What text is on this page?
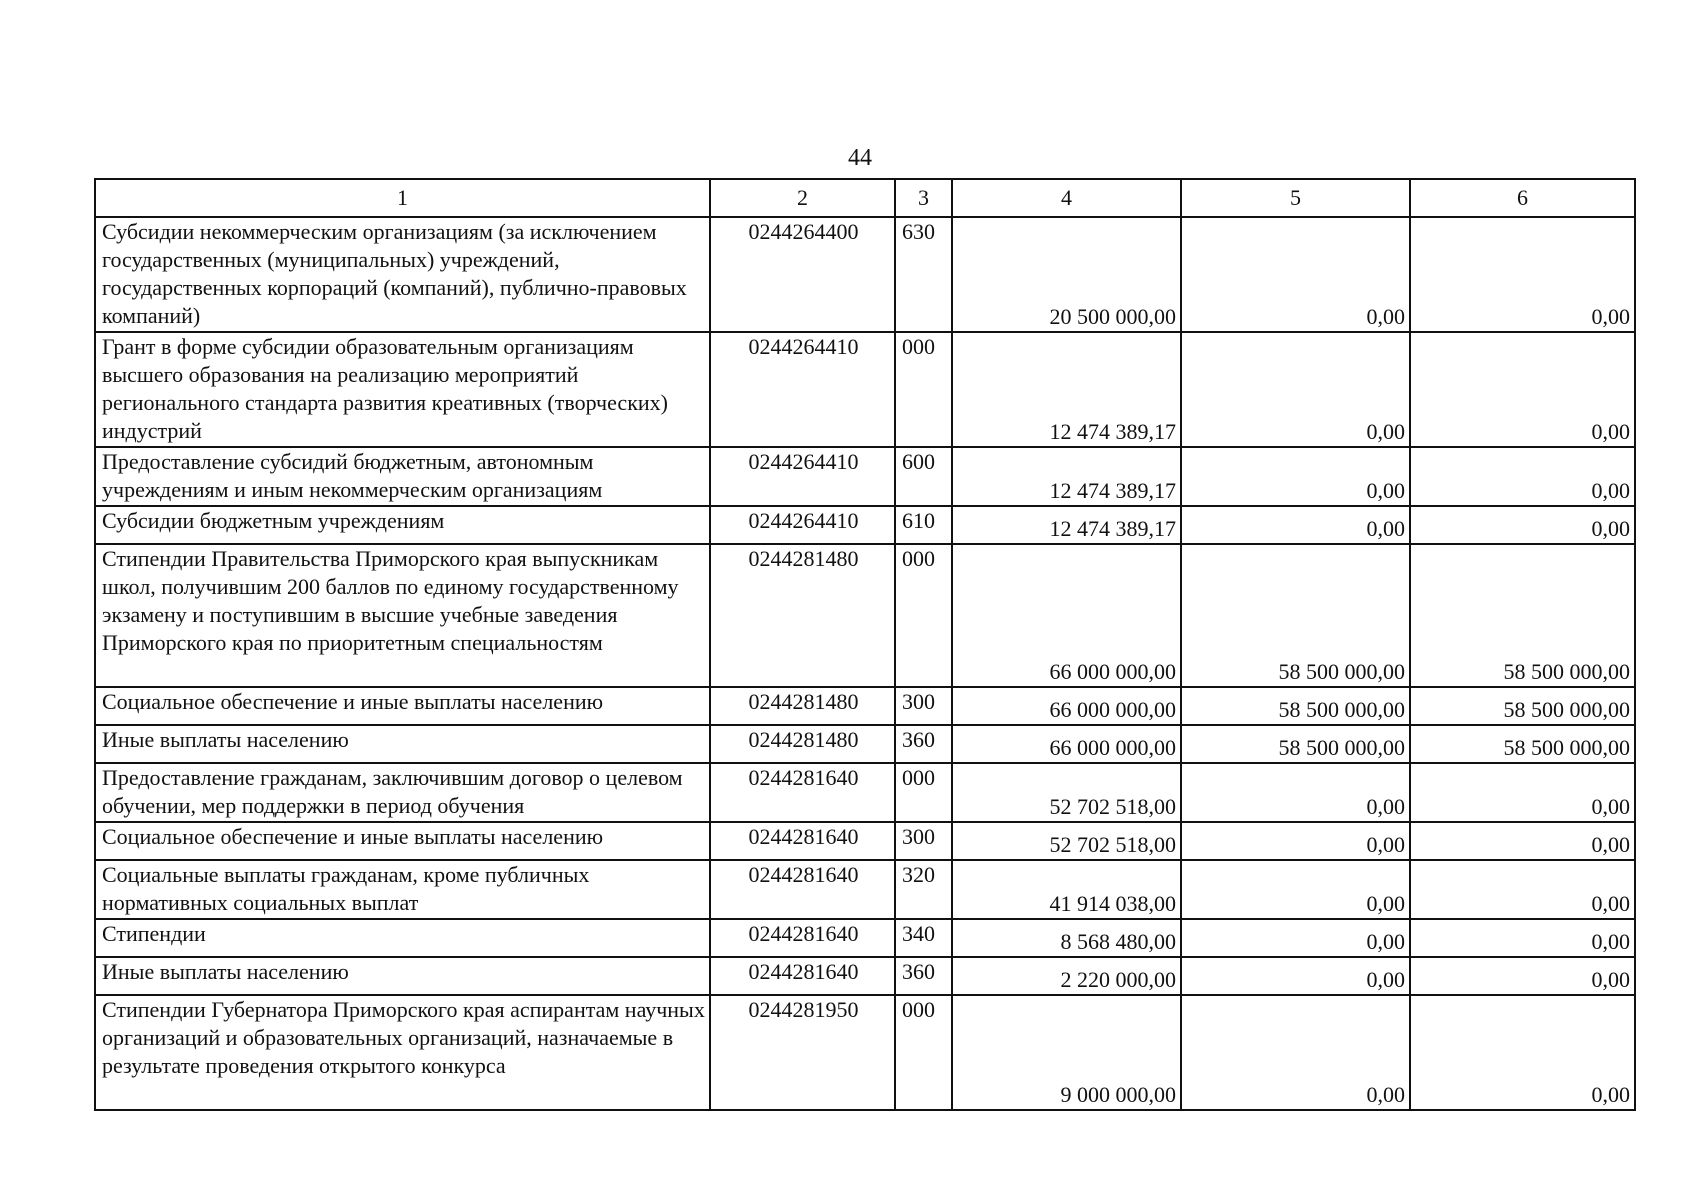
44
1	2	3	4	5	6
Субсидии некоммерческим организациям (за исключением государственных (муниципальных) учреждений, государственных корпораций (компаний), публично-правовых компаний)	0244264400	630	20 500 000,00	0,00	0,00
Грант в форме субсидии образовательным организациям высшего образования на реализацию мероприятий регионального стандарта развития креативных (творческих) индустрий	0244264410	000	12 474 389,17	0,00	0,00
Предоставление субсидий бюджетным, автономным учреждениям и иным некоммерческим организациям	0244264410	600	12 474 389,17	0,00	0,00
Субсидии бюджетным учреждениям	0244264410	610	12 474 389,17	0,00	0,00
Стипендии Правительства Приморского края выпускникам школ, получившим 200 баллов по единому государственному экзамену и поступившим в высшие учебные заведения Приморского края по приоритетным специальностям	0244281480	000	66 000 000,00	58 500 000,00	58 500 000,00
Социальное обеспечение и иные выплаты населению	0244281480	300	66 000 000,00	58 500 000,00	58 500 000,00
Иные выплаты населению	0244281480	360	66 000 000,00	58 500 000,00	58 500 000,00
Предоставление гражданам, заключившим договор о целевом обучении, мер поддержки в период обучения	0244281640	000	52 702 518,00	0,00	0,00
Социальное обеспечение и иные выплаты населению	0244281640	300	52 702 518,00	0,00	0,00
Социальные выплаты гражданам, кроме публичных нормативных социальных выплат	0244281640	320	41 914 038,00	0,00	0,00
Стипендии	0244281640	340	8 568 480,00	0,00	0,00
Иные выплаты населению	0244281640	360	2 220 000,00	0,00	0,00
Стипендии Губернатора Приморского края аспирантам научных организаций и образовательных организаций, назначаемые в результате проведения открытого конкурса	0244281950	000	9 000 000,00	0,00	0,00
